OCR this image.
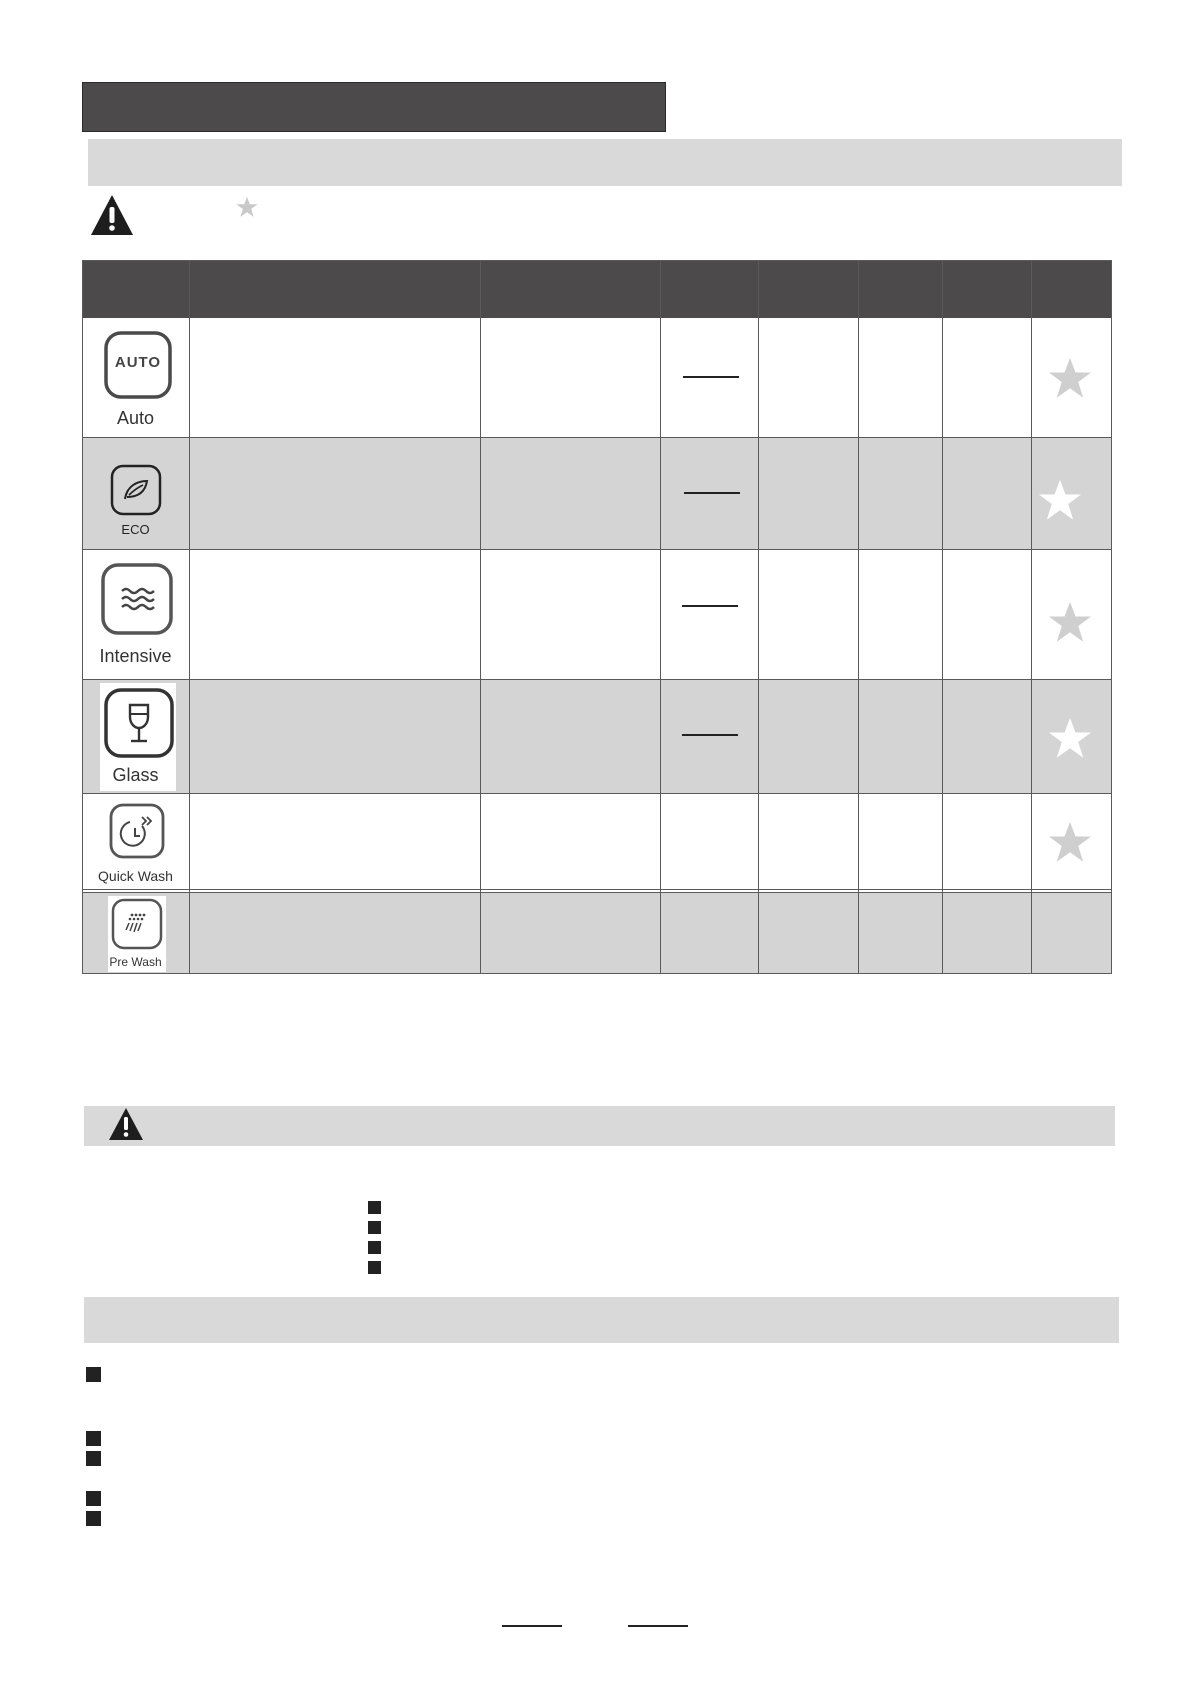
AUTO
Auto
ECO
Intensive
Glass
Quick Wash
Pre Wash
